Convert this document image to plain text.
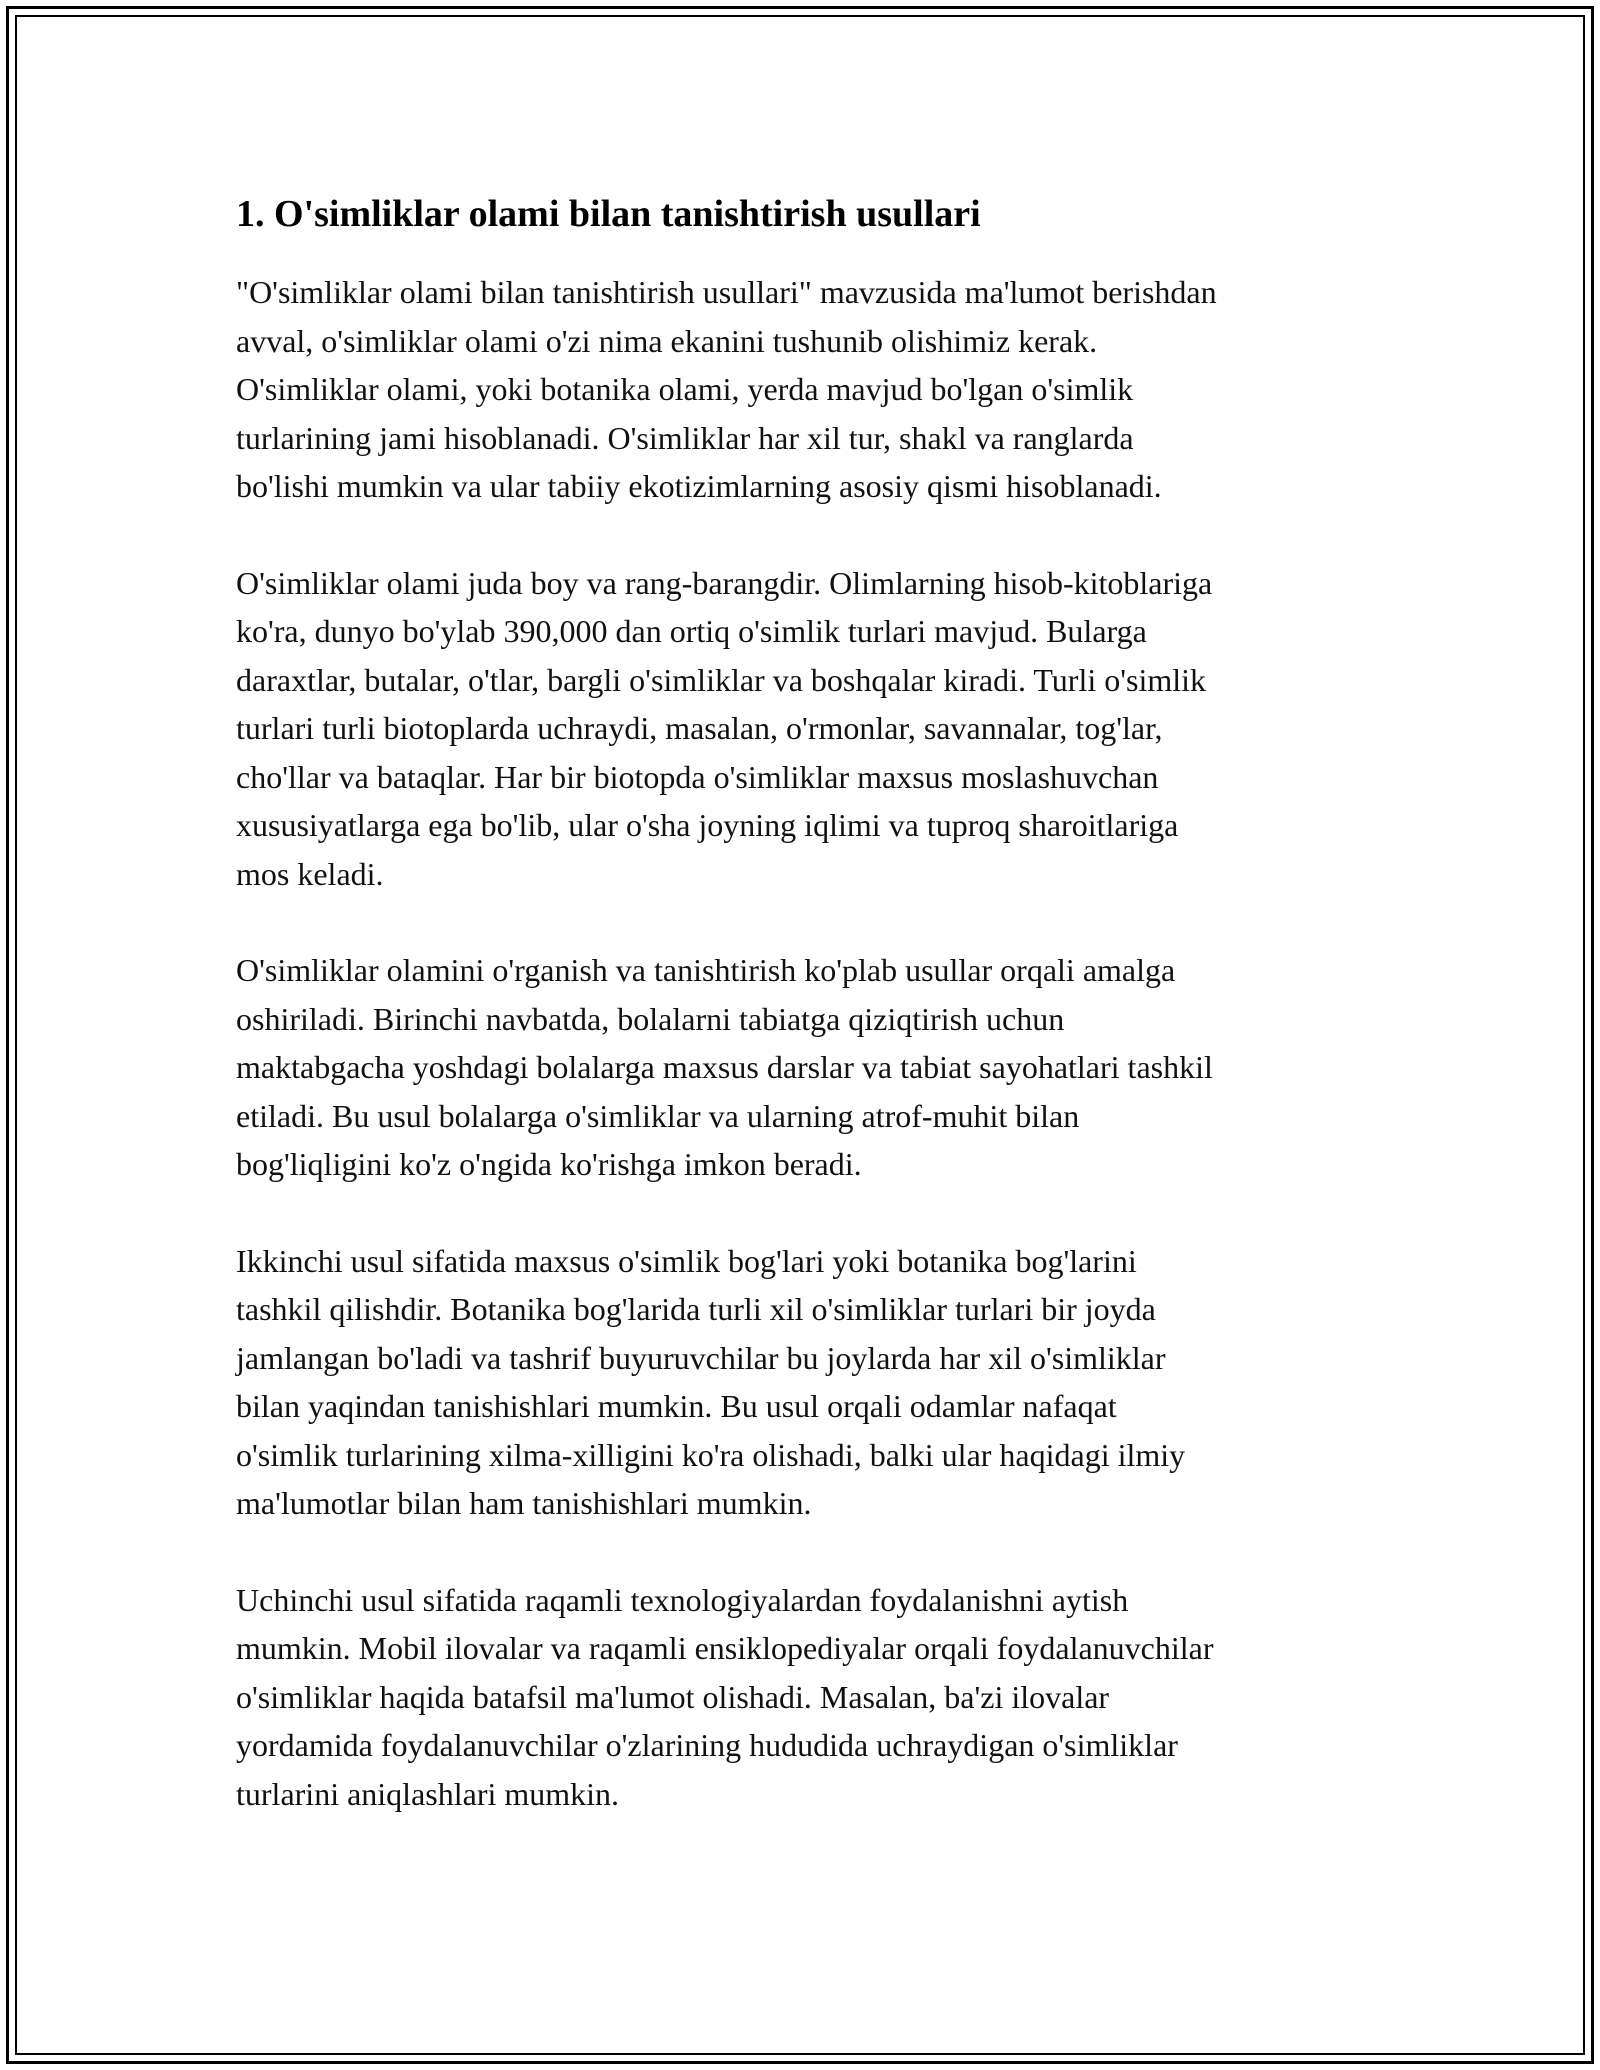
1. O'simliklar olami bilan tanishtirish usullari

"O'simliklar olami bilan tanishtirish usullari" mavzusida ma'lumot berishdan
avval, o'simliklar olami o'zi nima ekanini tushunib olishimiz kerak.
O'simliklar olami, yoki botanika olami, yerda mavjud bo'lgan o'simlik
turlarining jami hisoblanadi. O'simliklar har xil tur, shakl va ranglarda
bo'lishi mumkin va ular tabiiy ekotizimlarning asosiy qismi hisoblanadi.

O'simliklar olami juda boy va rang-barangdir. Olimlarning hisob-kitoblariga
ko'ra, dunyo bo'ylab 390,000 dan ortiq o'simlik turlari mavjud. Bularga
daraxtlar, butalar, o'tlar, bargli o'simliklar va boshqalar kiradi. Turli o'simlik
turlari turli biotoplarda uchraydi, masalan, o'rmonlar, savannalar, tog'lar,
cho'llar va bataqlar. Har bir biotopda o'simliklar maxsus moslashuvchan
xususiyatlarga ega bo'lib, ular o'sha joyning iqlimi va tuproq sharoitlariga
mos keladi.

O'simliklar olamini o'rganish va tanishtirish ko'plab usullar orqali amalga
oshiriladi. Birinchi navbatda, bolalarni tabiatga qiziqtirish uchun
maktabgacha yoshdagi bolalarga maxsus darslar va tabiat sayohatlari tashkil
etiladi. Bu usul bolalarga o'simliklar va ularning atrof-muhit bilan
bog'liqligini ko'z o'ngida ko'rishga imkon beradi.

Ikkinchi usul sifatida maxsus o'simlik bog'lari yoki botanika bog'larini
tashkil qilishdir. Botanika bog'larida turli xil o'simliklar turlari bir joyda
jamlangan bo'ladi va tashrif buyuruvchilar bu joylarda har xil o'simliklar
bilan yaqindan tanishishlari mumkin. Bu usul orqali odamlar nafaqat
o'simlik turlarining xilma-xilligini ko'ra olishadi, balki ular haqidagi ilmiy
ma'lumotlar bilan ham tanishishlari mumkin.

Uchinchi usul sifatida raqamli texnologiyalardan foydalanishni aytish
mumkin. Mobil ilovalar va raqamli ensiklopediyalar orqali foydalanuvchilar
o'simliklar haqida batafsil ma'lumot olishadi. Masalan, ba'zi ilovalar
yordamida foydalanuvchilar o'zlarining hududida uchraydigan o'simliklar
turlarini aniqlashlari mumkin.
